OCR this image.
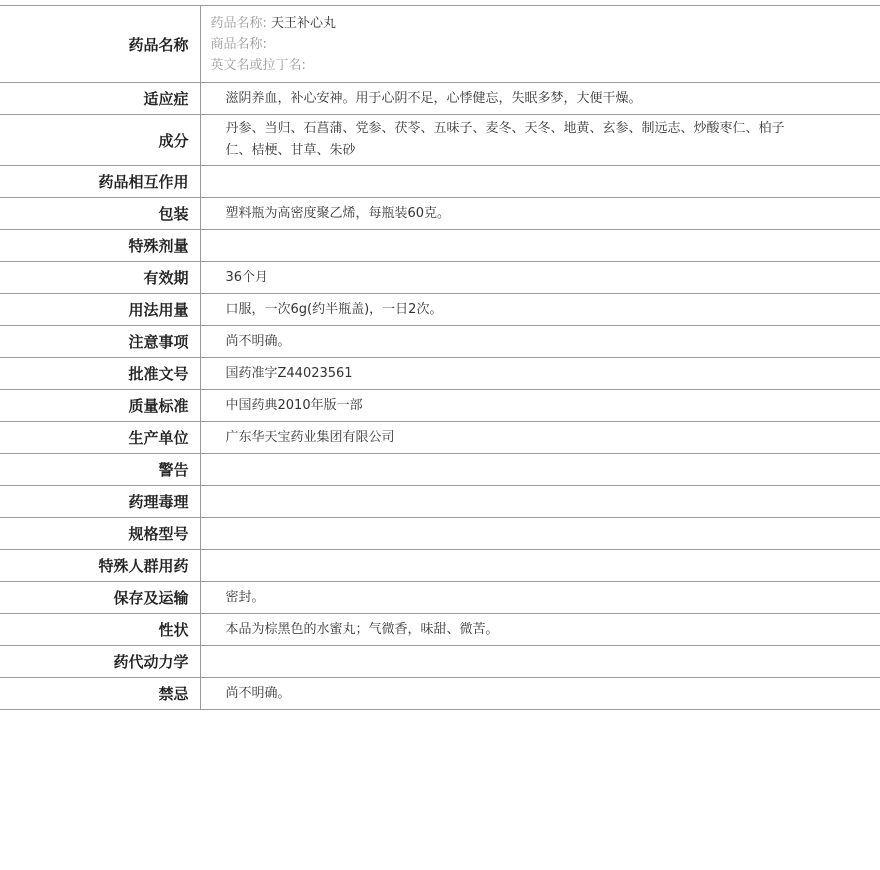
药品名称	药品名称: 天王补心丸
商品名称:
英文名或拉丁名:

适应症	滋阴养血，补心安神。用于心阴不足，心悸健忘，失眠多梦，大便干燥。
成分	丹参、当归、石菖蒲、党参、茯苓、五味子、麦冬、天冬、地黄、玄参、制远志、炒酸枣仁、柏子仁、桔梗、甘草、朱砂
药品相互作用	
包装	塑料瓶为高密度聚乙烯，每瓶装60克。
特殊剂量	
有效期	36个月
用法用量	口服，一次6g(约半瓶盖)，一日2次。
注意事项	尚不明确。
批准文号	国药准字Z44023561
质量标准	中国药典2010年版一部
生产单位	广东华天宝药业集团有限公司
警告	
药理毒理	
规格型号	
特殊人群用药	
保存及运输	密封。
性状	本品为棕黑色的水蜜丸；气微香，味甜、微苦。
药代动力学	
禁忌	尚不明确。
